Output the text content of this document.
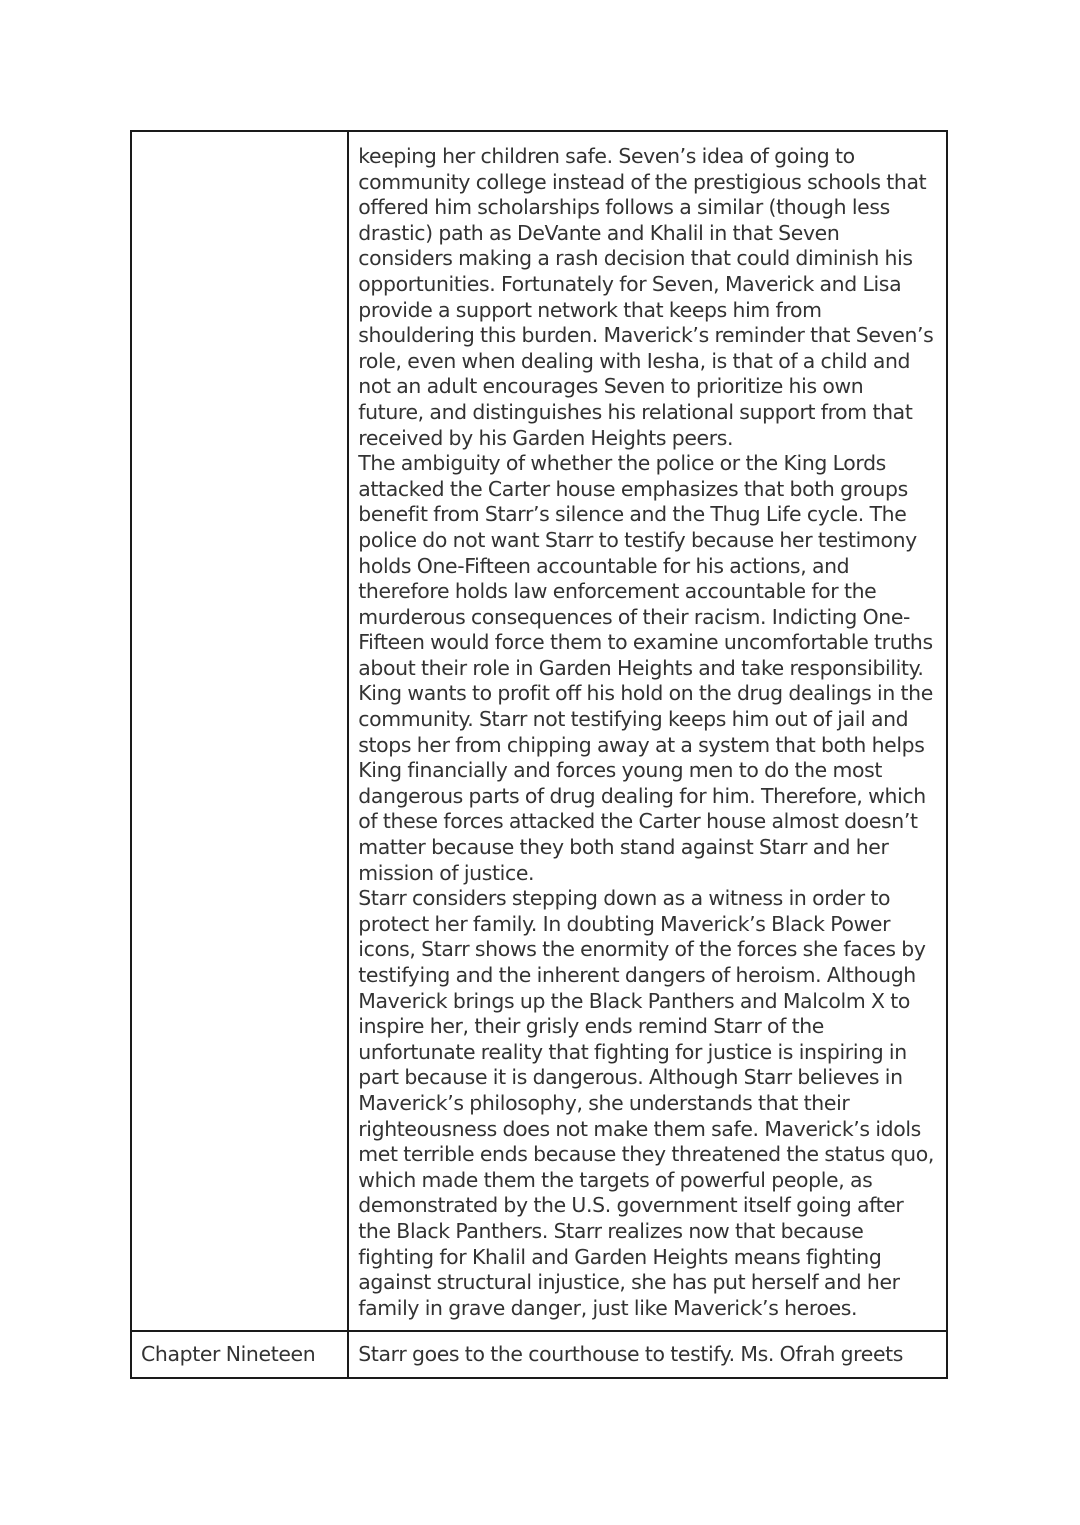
	keeping her children safe. Seven’s idea of going to community college instead of the prestigious schools that offered him scholarships follows a similar (though less drastic) path as DeVante and Khalil in that Seven considers making a rash decision that could diminish his opportunities. Fortunately for Seven, Maverick and Lisa provide a support network that keeps him from shouldering this burden. Maverick’s reminder that Seven’s role, even when dealing with Iesha, is that of a child and not an adult encourages Seven to prioritize his own future, and distinguishes his relational support from that received by his Garden Heights peers.

The ambiguity of whether the police or the King Lords attacked the Carter house emphasizes that both groups benefit from Starr’s silence and the Thug Life cycle. The police do not want Starr to testify because her testimony holds One-Fifteen accountable for his actions, and therefore holds law enforcement accountable for the murderous consequences of their racism. Indicting One-Fifteen would force them to examine uncomfortable truths about their role in Garden Heights and take responsibility. King wants to profit off his hold on the drug dealings in the community. Starr not testifying keeps him out of jail and stops her from chipping away at a system that both helps King financially and forces young men to do the most dangerous parts of drug dealing for him. Therefore, which of these forces attacked the Carter house almost doesn’t matter because they both stand against Starr and her mission of justice.

Starr considers stepping down as a witness in order to protect her family. In doubting Maverick’s Black Power icons, Starr shows the enormity of the forces she faces by testifying and the inherent dangers of heroism. Although Maverick brings up the Black Panthers and Malcolm X to inspire her, their grisly ends remind Starr of the unfortunate reality that fighting for justice is inspiring in part because it is dangerous. Although Starr believes in Maverick’s philosophy, she understands that their righteousness does not make them safe. Maverick’s idols met terrible ends because they threatened the status quo, which made them the targets of powerful people, as demonstrated by the U.S. government itself going after the Black Panthers. Starr realizes now that because fighting for Khalil and Garden Heights means fighting against structural injustice, she has put herself and her family in grave danger, just like Maverick’s heroes.

Chapter Nineteen	Starr goes to the courthouse to testify. Ms. Ofrah greets
